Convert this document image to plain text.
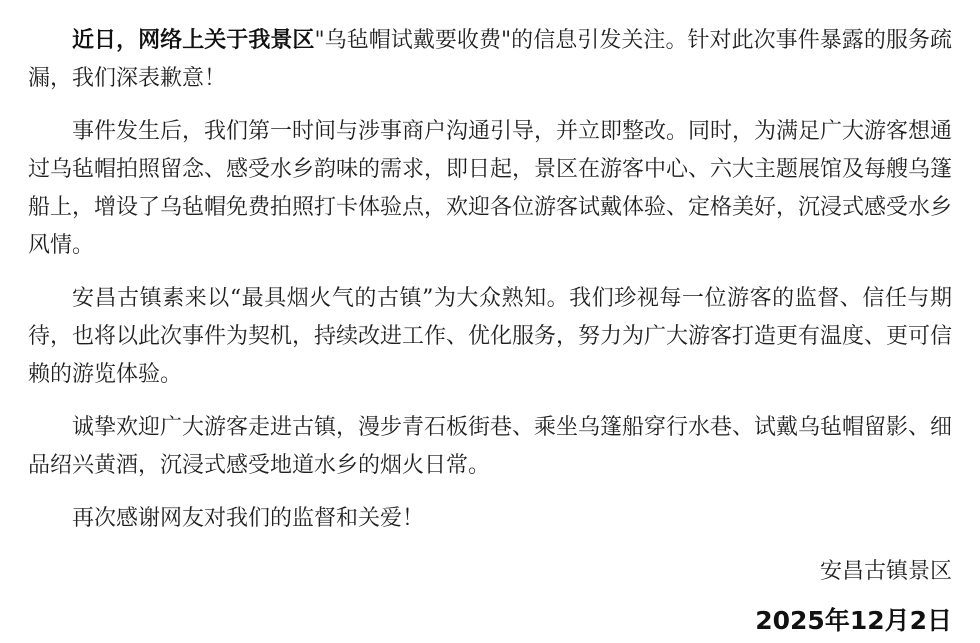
近日，网络上关于我景区"乌毡帽试戴要收费"的信息引发关注。针对此次事件暴露的服务疏漏，我们深表歉意！

事件发生后，我们第一时间与涉事商户沟通引导，并立即整改。同时，为满足广大游客想通过乌毡帽拍照留念、感受水乡韵味的需求，即日起，景区在游客中心、六大主题展馆及每艘乌篷船上，增设了乌毡帽免费拍照打卡体验点，欢迎各位游客试戴体验、定格美好，沉浸式感受水乡风情。

安昌古镇素来以“最具烟火气的古镇”为大众熟知。我们珍视每一位游客的监督、信任与期待，也将以此次事件为契机，持续改进工作、优化服务，努力为广大游客打造更有温度、更可信赖的游览体验。

诚挚欢迎广大游客走进古镇，漫步青石板街巷、乘坐乌篷船穿行水巷、试戴乌毡帽留影、细品绍兴黄酒，沉浸式感受地道水乡的烟火日常。

再次感谢网友对我们的监督和关爱！

安昌古镇景区
2025年12月2日
